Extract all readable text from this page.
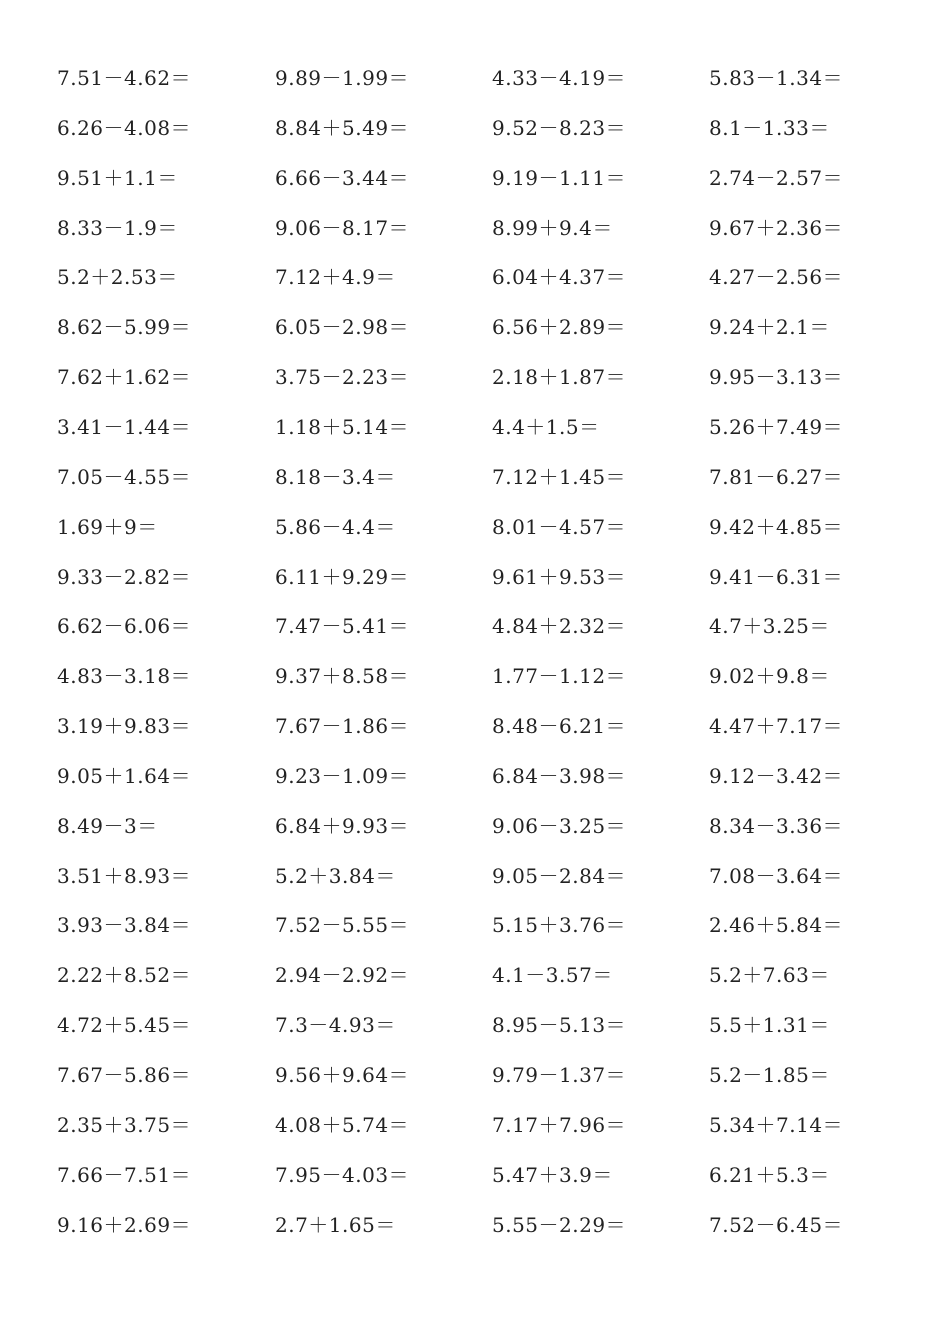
7.51－4.62＝	9.89－1.99＝	4.33－4.19＝	5.83－1.34＝
6.26－4.08＝	8.84＋5.49＝	9.52－8.23＝	8.1－1.33＝
9.51＋1.1＝	6.66－3.44＝	9.19－1.11＝	2.74－2.57＝
8.33－1.9＝	9.06－8.17＝	8.99＋9.4＝	9.67＋2.36＝
5.2＋2.53＝	7.12＋4.9＝	6.04＋4.37＝	4.27－2.56＝
8.62－5.99＝	6.05－2.98＝	6.56＋2.89＝	9.24＋2.1＝
7.62＋1.62＝	3.75－2.23＝	2.18＋1.87＝	9.95－3.13＝
3.41－1.44＝	1.18＋5.14＝	4.4＋1.5＝	5.26＋7.49＝
7.05－4.55＝	8.18－3.4＝	7.12＋1.45＝	7.81－6.27＝
1.69＋9＝	5.86－4.4＝	8.01－4.57＝	9.42＋4.85＝
9.33－2.82＝	6.11＋9.29＝	9.61＋9.53＝	9.41－6.31＝
6.62－6.06＝	7.47－5.41＝	4.84＋2.32＝	4.7＋3.25＝
4.83－3.18＝	9.37＋8.58＝	1.77－1.12＝	9.02＋9.8＝
3.19＋9.83＝	7.67－1.86＝	8.48－6.21＝	4.47＋7.17＝
9.05＋1.64＝	9.23－1.09＝	6.84－3.98＝	9.12－3.42＝
8.49－3＝	6.84＋9.93＝	9.06－3.25＝	8.34－3.36＝
3.51＋8.93＝	5.2＋3.84＝	9.05－2.84＝	7.08－3.64＝
3.93－3.84＝	7.52－5.55＝	5.15＋3.76＝	2.46＋5.84＝
2.22＋8.52＝	2.94－2.92＝	4.1－3.57＝	5.2＋7.63＝
4.72＋5.45＝	7.3－4.93＝	8.95－5.13＝	5.5＋1.31＝
7.67－5.86＝	9.56＋9.64＝	9.79－1.37＝	5.2－1.85＝
2.35＋3.75＝	4.08＋5.74＝	7.17＋7.96＝	5.34＋7.14＝
7.66－7.51＝	7.95－4.03＝	5.47＋3.9＝	6.21＋5.3＝
9.16＋2.69＝	2.7＋1.65＝	5.55－2.29＝	7.52－6.45＝
